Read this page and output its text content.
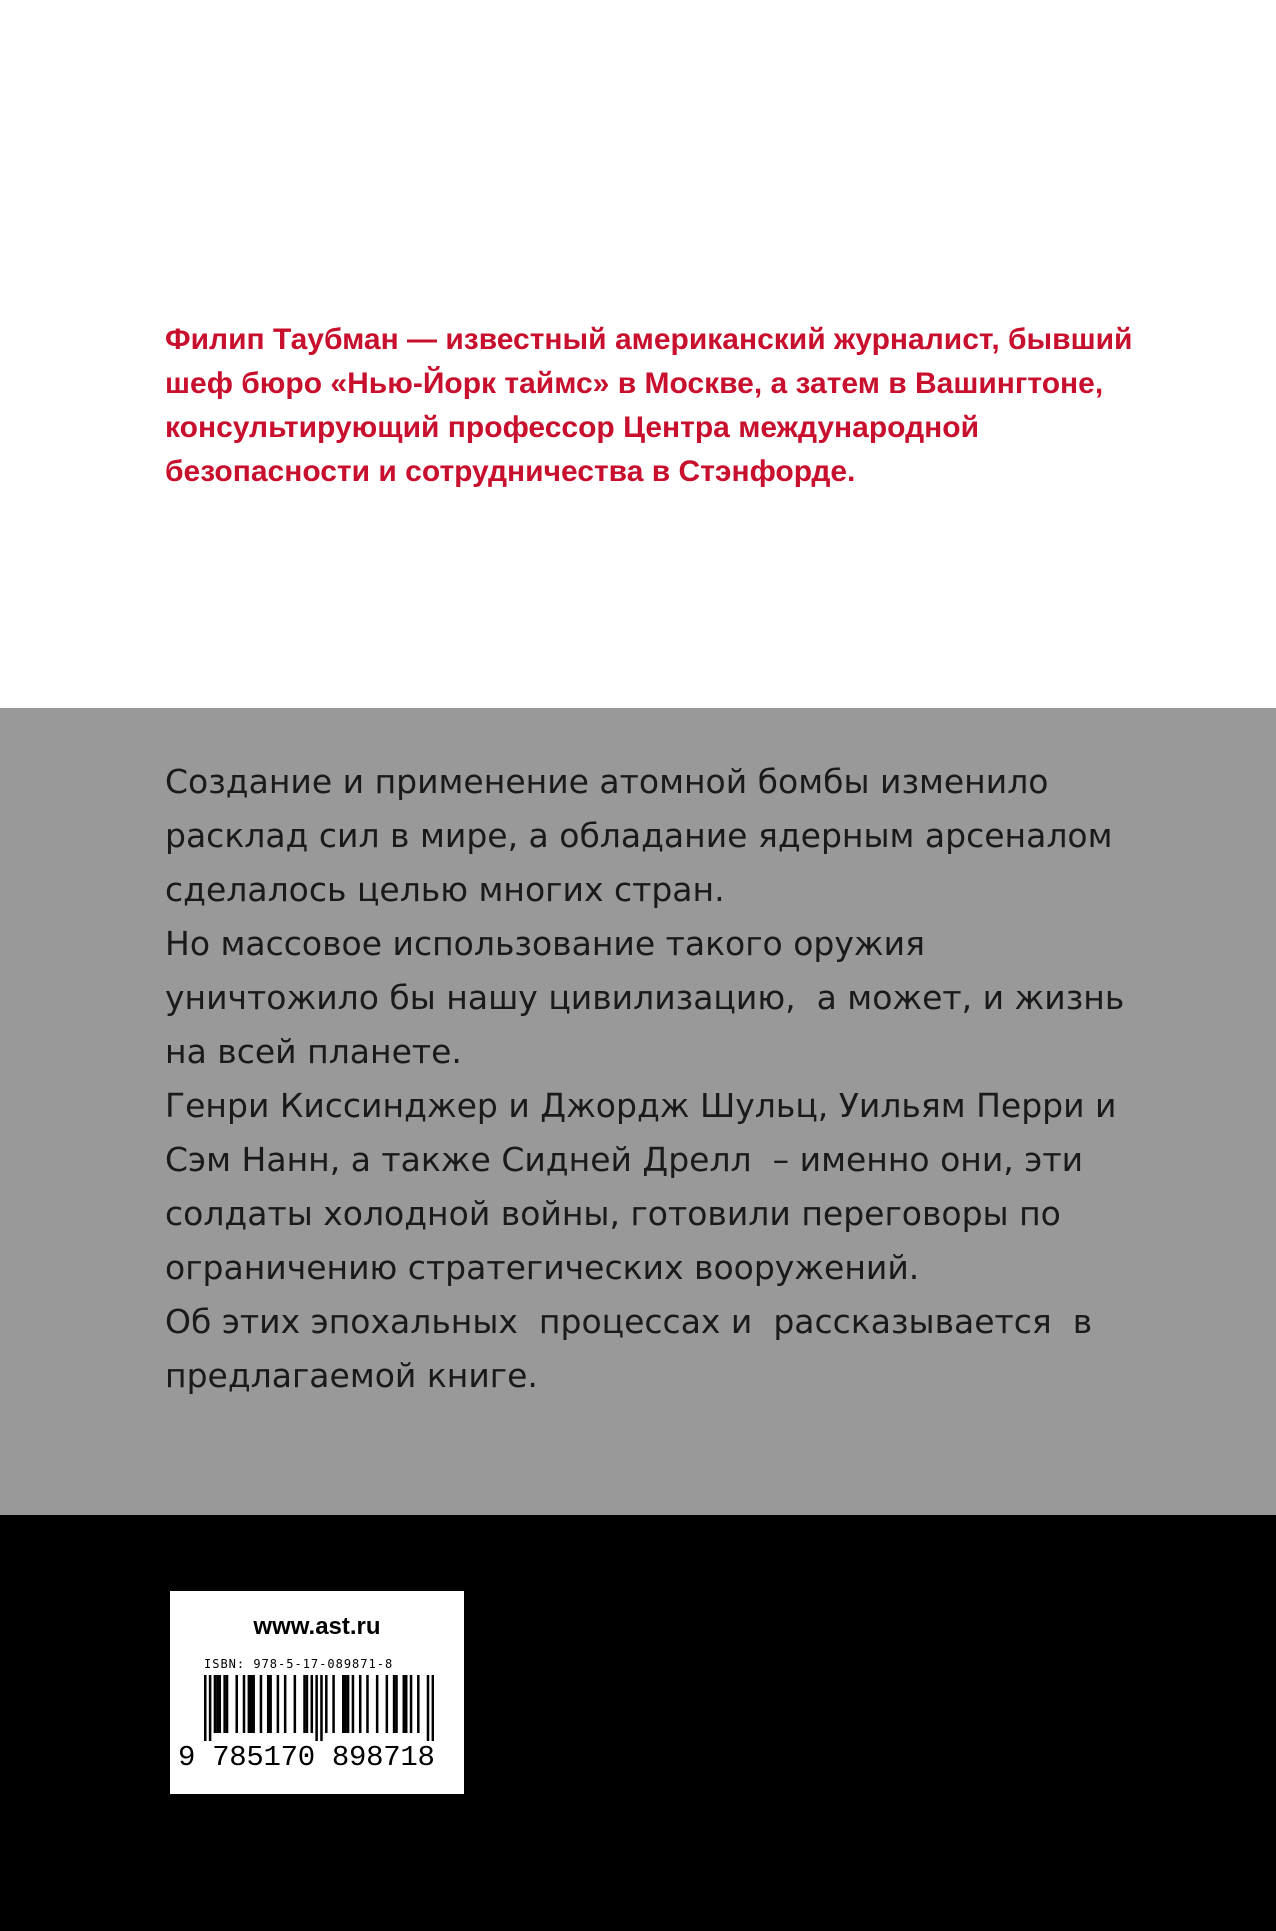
Филип Таубман — известный американский журналист, бывший
шеф бюро «Нью-Йорк таймс» в Москве, а затем в Вашингтоне,
консультирующий профессор Центра международной
безопасности и сотрудничества в Стэнфорде.

Создание и применение атомной бомбы изменило
расклад сил в мире, а обладание ядерным арсеналом
сделалось целью многих стран.
Но массовое использование такого оружия
уничтожило бы нашу цивилизацию,  а может, и жизнь
на всей планете.
Генри Киссинджер и Джордж Шульц, Уильям Перри и
Сэм Нанн, а также Сидней Дрелл  – именно они, эти
солдаты холодной войны, готовили переговоры по
ограничению стратегических вооружений.
Об этих эпохальных  процессах и  рассказывается  в
предлагаемой книге.

www.ast.ru
ISBN: 978-5-17-089871-8
9 785170 898718
